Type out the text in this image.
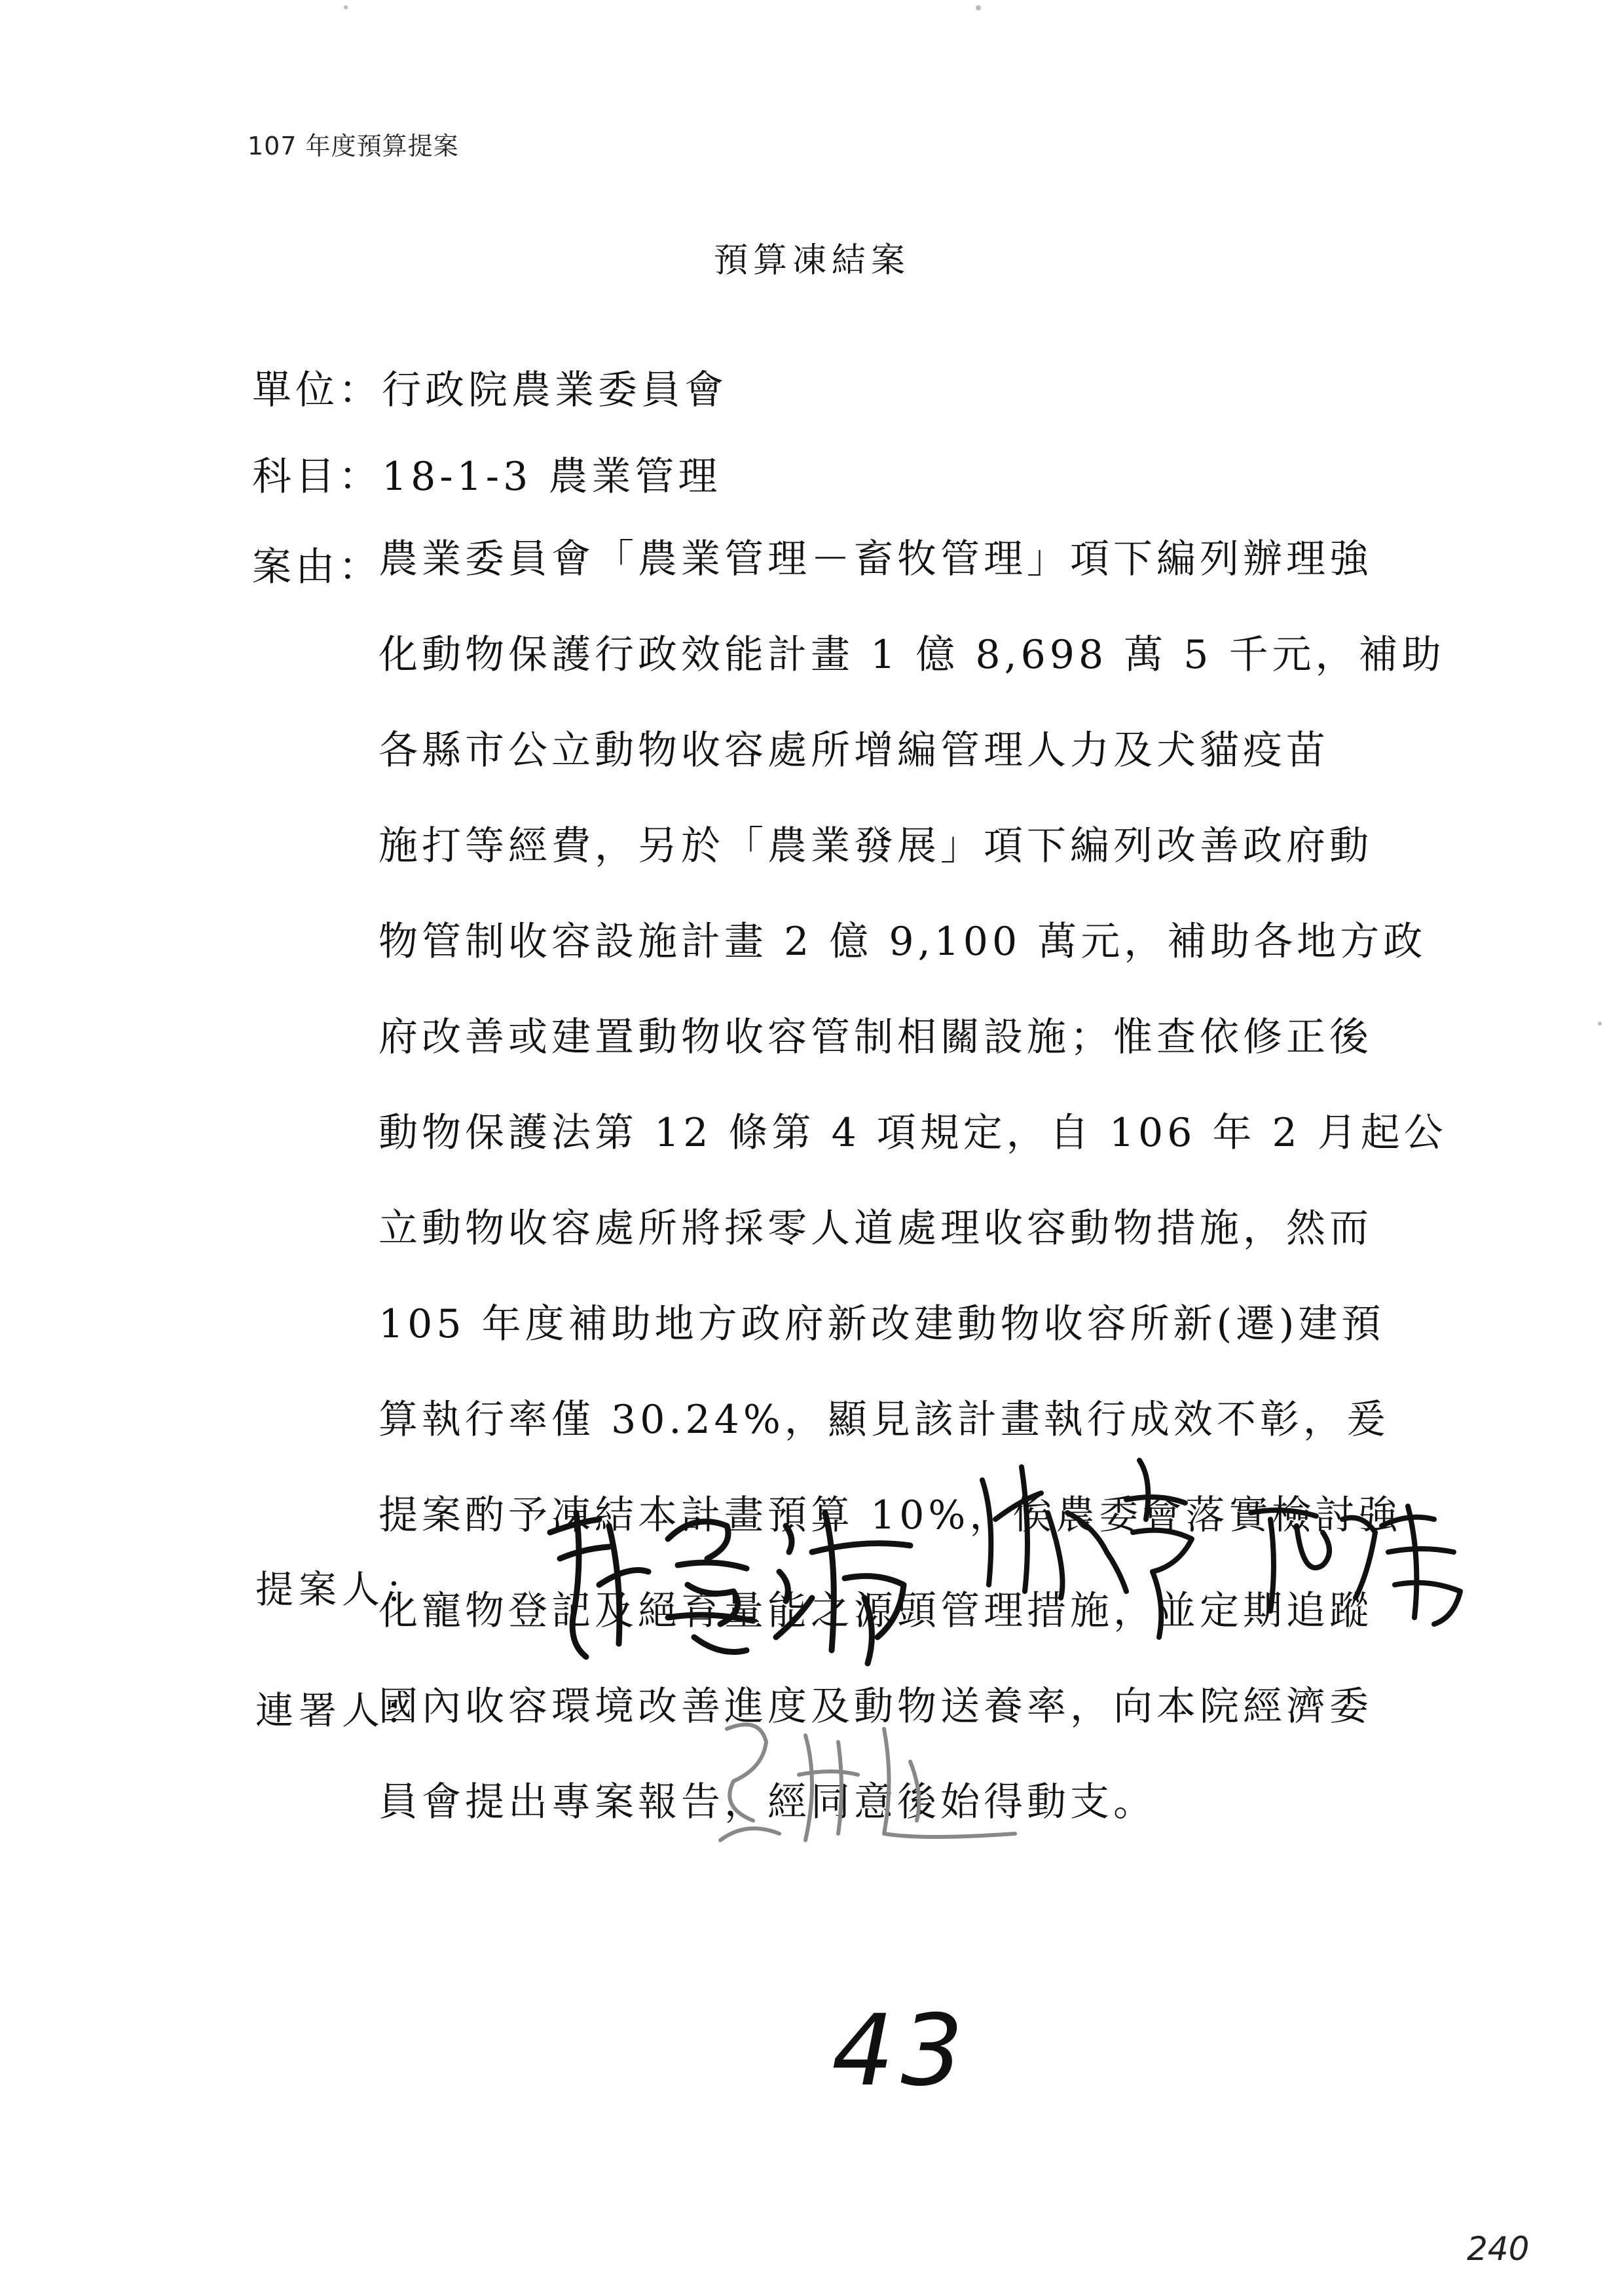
107 年度預算提案
預算凍結案
單位：行政院農業委員會
科目：18-1-3 農業管理
案由：
農業委員會「農業管理－畜牧管理」項下編列辦理強
化動物保護行政效能計畫 1 億 8,698 萬 5 千元，補助
各縣市公立動物收容處所增編管理人力及犬貓疫苗
施打等經費，另於「農業發展」項下編列改善政府動
物管制收容設施計畫 2 億 9,100 萬元，補助各地方政
府改善或建置動物收容管制相關設施；惟查依修正後
動物保護法第 12 條第 4 項規定，自 106 年 2 月起公
立動物收容處所將採零人道處理收容動物措施，然而
105 年度補助地方政府新改建動物收容所新(遷)建預
算執行率僅 30.24%，顯見該計畫執行成效不彰，爰
提案酌予凍結本計畫預算 10%，俟農委會落實檢討強
化寵物登記及絕育量能之源頭管理措施，並定期追蹤
國內收容環境改善進度及動物送養率，向本院經濟委
員會提出專案報告，經同意後始得動支。
提案人：
連署人：
43
240
